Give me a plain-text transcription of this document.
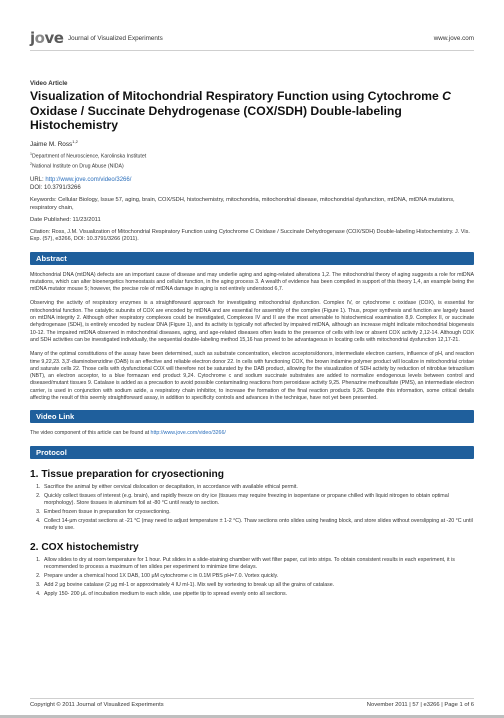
jove Journal of Visualized Experiments	www.jove.com
Video Article
Visualization of Mitochondrial Respiratory Function using Cytochrome C Oxidase / Succinate Dehydrogenase (COX/SDH) Double-labeling Histochemistry
Jaime M. Ross$^{1,2}$
$^1$Department of Neuroscience, Karolinska Institutet
$^2$National Institute on Drug Abuse (NIDA)
URL: http://www.jove.com/video/3266/
DOI: 10.3791/3266
Keywords: Cellular Biology, Issue 57, aging, brain, COX/SDH, histochemistry, mitochondria, mitochondrial disease, mitochondrial dysfunction, mtDNA, mtDNA mutations, respiratory chain,
Date Published: 11/23/2011
Citation: Ross, J.M. Visualization of Mitochondrial Respiratory Function using Cytochrome C Oxidase / Succinate Dehydrogenase (COX/SDH) Double-labeling Histochemistry. J. Vis. Exp. (57), e3266, DOI: 10.3791/3266 (2011).
Abstract
Mitochondrial DNA (mtDNA) defects are an important cause of disease and may underlie aging and aging-related alterations 1,2. The mitochondrial theory of aging suggests a role for mtDNA mutations, which can alter bioenergetics homeostasis and cellular function, in the aging process 3. A wealth of evidence has been compiled in support of this theory 1,4, an example being the mtDNA mutator mouse 5; however, the precise role of mtDNA damage in aging is not entirely understood 6,7.
Observing the activity of respiratory enzymes is a straightforward approach for investigating mitochondrial dysfunction. Complex IV, or cytochrome c oxidase (COX), is essential for mitochondrial function. The catalytic subunits of COX are encoded by mtDNA and are essential for assembly of the complex (Figure 1). Thus, proper synthesis and function are largely based on mtDNA integrity 2. Although other respiratory complexes could be investigated, Complexes IV and II are the most amenable to histochemical examination 8,9. Complex II, or succinate dehydrogenase (SDH), is entirely encoded by nuclear DNA (Figure 1), and its activity is typically not affected by impaired mtDNA, although an increase might indicate mitochondrial biogenesis 10-12. The impaired mtDNA observed in mitochondrial diseases, aging, and age-related diseases often leads to the presence of cells with low or absent COX activity 2,12-14. Although COX and SDH activities can be investigated individually, the sequential double-labeling method 15,16 has proved to be advantageous in locating cells with mitochondrial dysfunction 12,17-21.
Many of the optimal constitutions of the assay have been determined, such as substrate concentration, electron acceptors/donors, intermediate electron carriers, influence of pH, and reaction time 9,22,23. 3,3'-diaminobenzidine (DAB) is an effective and reliable electron donor 22. In cells with functioning COX, the brown indamine polymer product will localize in mitochondrial cristae and saturate cells 22. Those cells with dysfunctional COX will therefore not be saturated by the DAB product, allowing for the visualization of SDH activity by reduction of nitroblue tetrazolium (NBT), an electron acceptor, to a blue formazan end product 9,24. Cytochrome c and sodium succinate substrates are added to normalize endogenous levels between control and diseased/mutant tissues 9. Catalase is added as a precaution to avoid possible contaminating reactions from peroxidase activity 9,25. Phenazine methosulfate (PMS), an intermediate electron carrier, is used in conjunction with sodium azide, a respiratory chain inhibitor, to increase the formation of the final reaction products 9,26. Despite this information, some critical details affecting the result of this seemly straightforward assay, in addition to specificity controls and advances in the technique, have not yet been presented.
Video Link
The video component of this article can be found at http://www.jove.com/video/3266/
Protocol
1. Tissue preparation for cryosectioning
1. Sacrifice the animal by either cervical dislocation or decapitation, in accordance with available ethical permit.
2. Quickly collect tissues of interest (e.g. brain), and rapidly freeze on dry ice (tissues may require freezing in isopentane or propane chilled with liquid nitrogen to obtain optimal morphology). Store tissues in aluminum foil at -80 °C until ready to section.
3. Embed frozen tissue in preparation for cryosectioning.
4. Collect 14-μm cryostat sections at -21 °C (may need to adjust temperature ± 1-2 °C). Thaw sections onto slides using heating block, and store slides without overslipping at -20 °C until ready to use.
2. COX histochemistry
1. Allow slides to dry at room temperature for 1 hour. Put slides in a slide-staining chamber with wet filter paper, cut into strips. To obtain consistent results in each experiment, it is recommended to process a maximum of ten slides per experiment to minimize time delays.
2. Prepare under a chemical hood 1X DAB, 100 μM cytochrome c in 0.1M PBS pH=7.0. Vortex quickly.
3. Add 2 μg bovine catalase (2 μg ml-1 or approximately 4 IU ml-1). Mix well by vortexing to break up all the grains of catalase.
4. Apply 150- 200 μL of incubation medium to each slide, use pipette tip to spread evenly onto all sections.
Copyright © 2011 Journal of Visualized Experiments	November 2011 | 57 | e3266 | Page 1 of 6
